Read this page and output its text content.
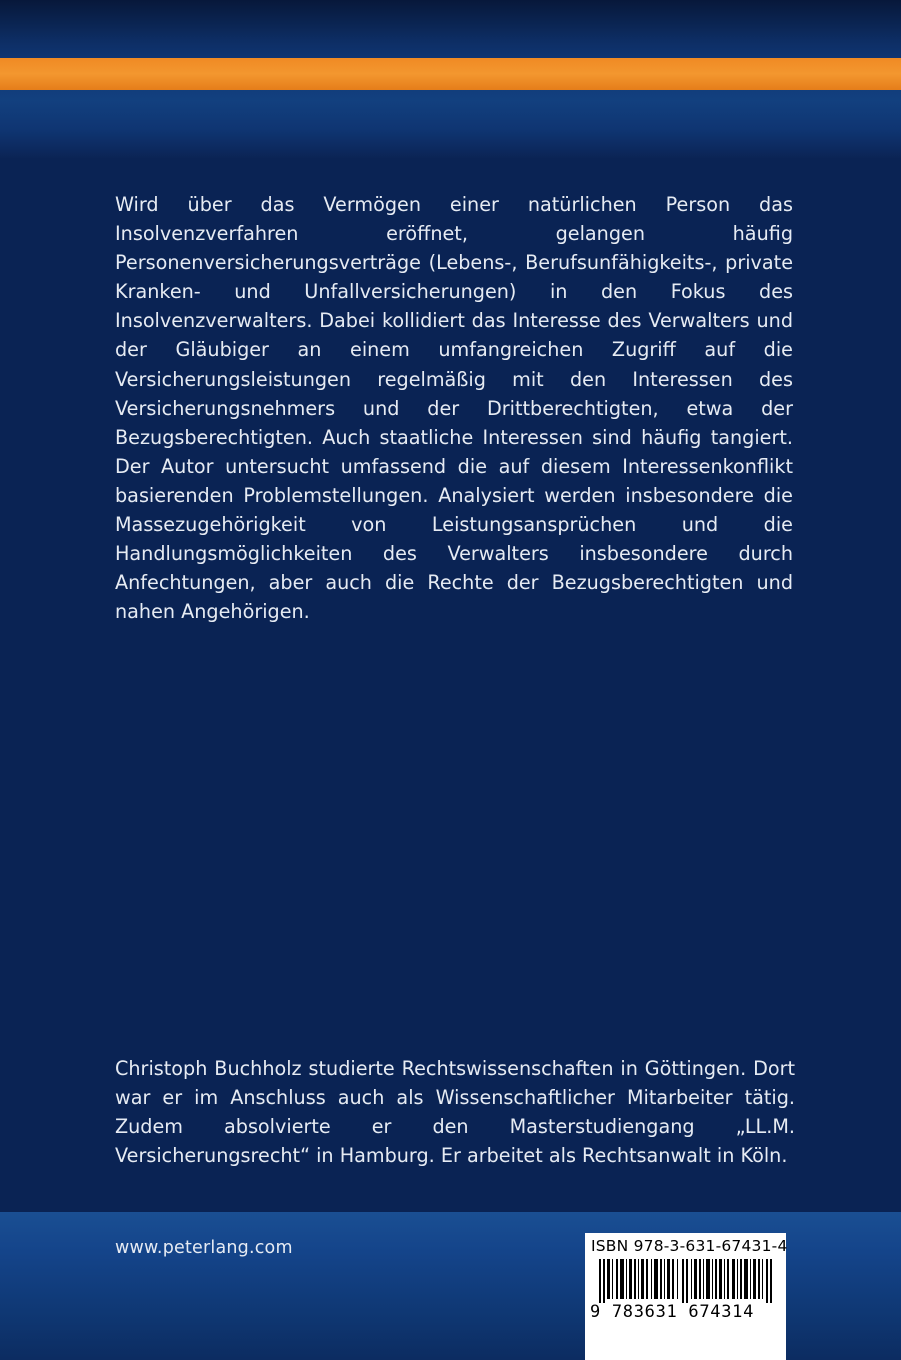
Wird über das Vermögen einer natürlichen Person das Insolvenzverfahren eröffnet, gelangen häufig Personenversicherungsverträge (Lebens-, Berufsunfähigkeits-, private Kranken- und Unfallversicherungen) in den Fokus des Insolvenzverwalters. Dabei kollidiert das Interesse des Verwalters und der Gläubiger an einem umfangreichen Zugriff auf die Versicherungsleistungen regelmäßig mit den Interessen des Versicherungsnehmers und der Drittberechtigten, etwa der Bezugsberechtigten. Auch staatliche Interessen sind häufig tangiert. Der Autor untersucht umfassend die auf diesem Interessenkonflikt basierenden Problemstellungen. Analysiert werden insbesondere die Massezugehörigkeit von Leistungsansprüchen und die Handlungsmöglichkeiten des Verwalters insbesondere durch Anfechtungen, aber auch die Rechte der Bezugsberechtigten und nahen Angehörigen.

Christoph Buchholz studierte Rechtswissenschaften in Göttingen. Dort war er im Anschluss auch als Wissenschaftlicher Mitarbeiter tätig. Zudem absolvierte er den Masterstudiengang „LL.M. Versicherungsrecht“ in Hamburg. Er arbeitet als Rechtsanwalt in Köln.

www.peterlang.com	ISBN 978-3-631-67431-4
9 783631 674314
